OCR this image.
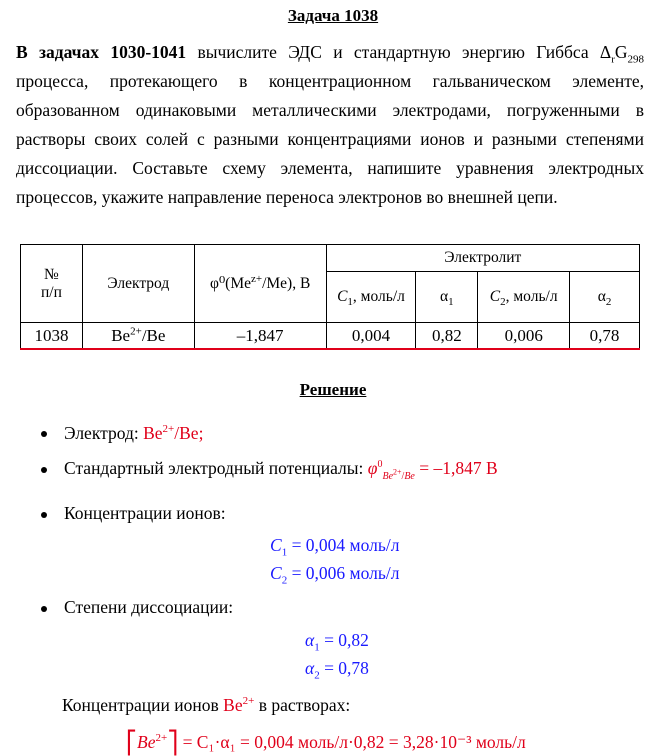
Задача 1038
В задачах 1030-1041 вычислите ЭДС и стандартную энергию Гиббса $\Delta_rG_{298}$ процесса, протекающего в концентрационном гальваническом элементе, образованном одинаковыми металлическими электродами, погруженными в растворы своих солей с разными концентрациями ионов и разными степенями диссоциации. Составьте схему элемента, напишите уравнения электродных процессов, укажите направление переноса электронов во внешней цепи.
№
п/п	Электрод	$\varphi^0(Me^{z+}/Me)$, В	Электролит			
			$C_1$, моль/л	$\alpha_1$	$C_2$, моль/л	$\alpha_2$
1038	$Be^{2+}/Be$	–1,847	0,004	0,82	0,006	0,78
Решение
Электрод: $Be^{2+}/Be$;
Стандартный электродный потенциалы: $\varphi^0_{Be^{2+}/Be} = -1,847$ В
Концентрации ионов:
$C_1 = 0,004$ моль/л
$C_2 = 0,006$ моль/л
Степени диссоциации:
$\alpha_1 = 0,82$
$\alpha_2 = 0,78$
Концентрации ионов $Be^{2+}$ в растворах:
$⎡Be^{2+}⎤ = C_1\cdot\alpha_1 = 0,004$ моль/л·0,82 = 3,28·10⁻³ моль/л
